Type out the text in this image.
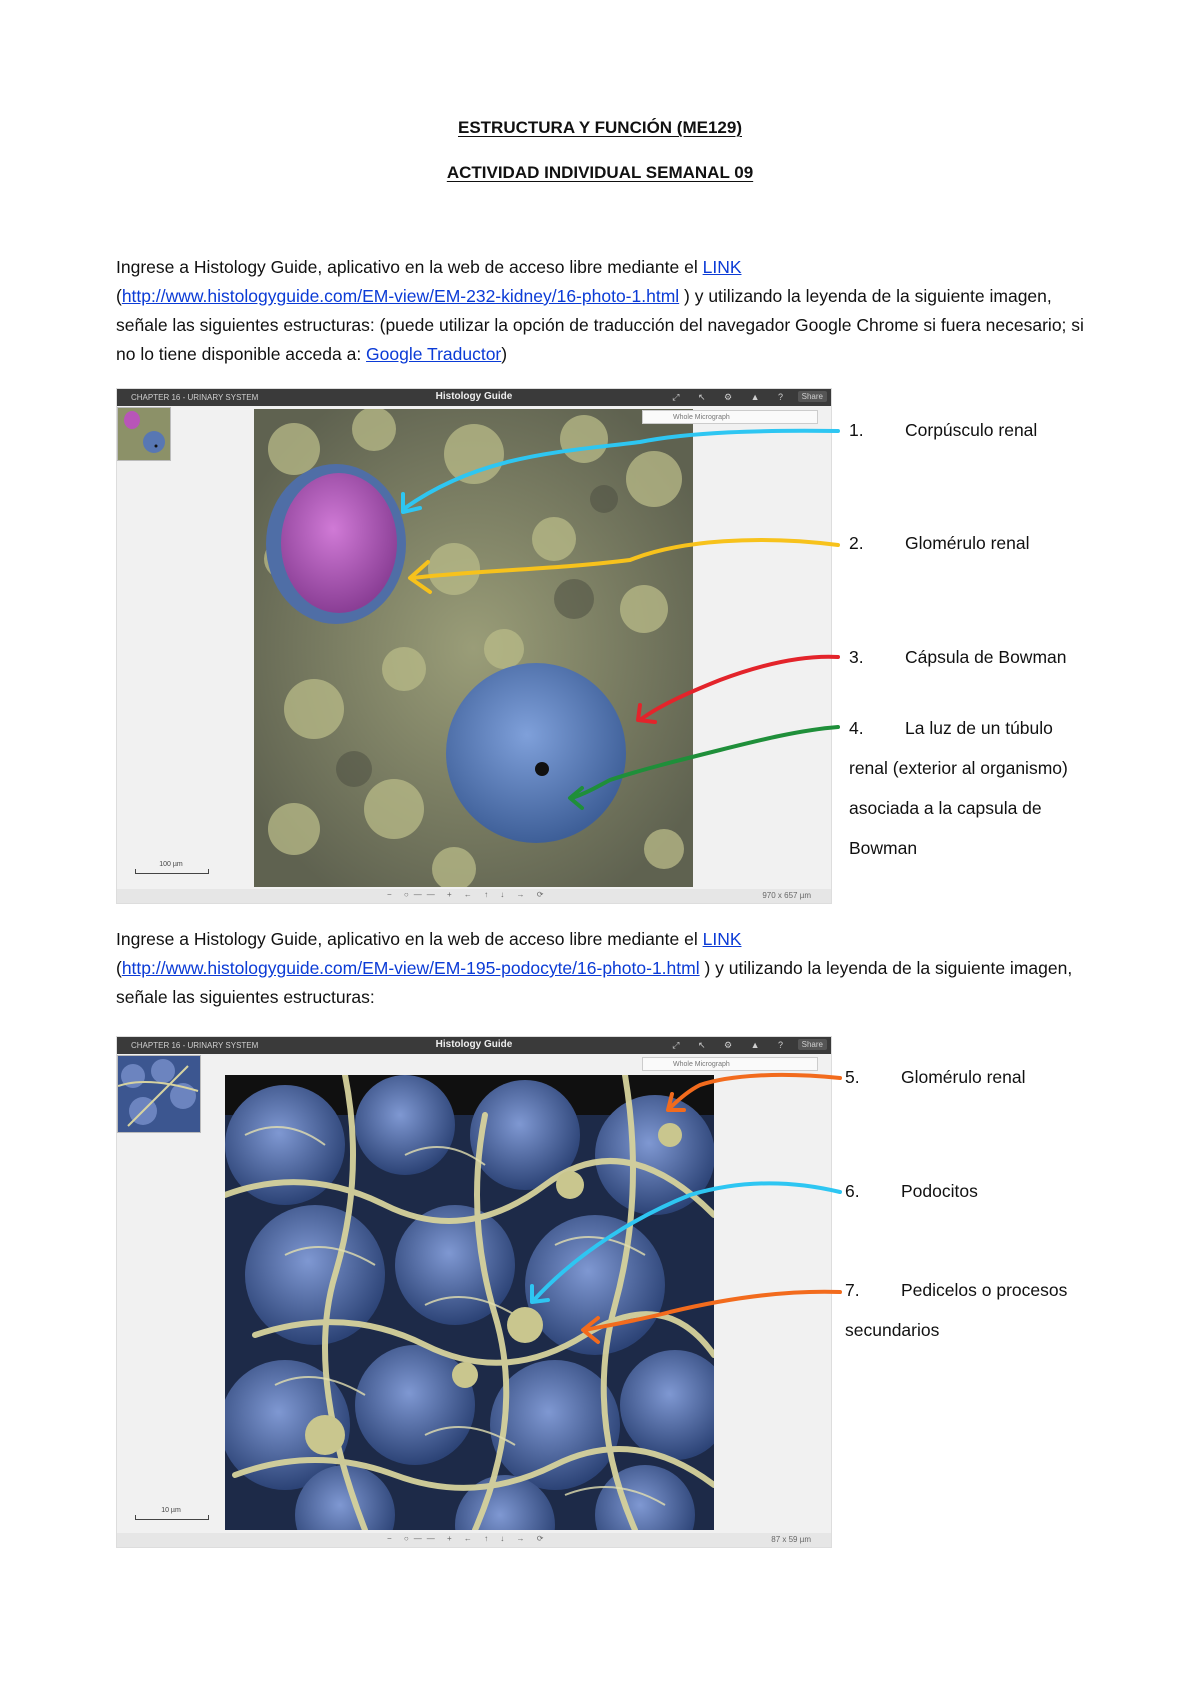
ESTRUCTURA Y FUNCIÓN (ME129)
ACTIVIDAD INDIVIDUAL SEMANAL 09
Ingrese a Histology Guide, aplicativo en la web de acceso libre mediante el LINK
(http://www.histologyguide.com/EM-view/EM-232-kidney/16-photo-1.html ) y utilizando la leyenda de la siguiente imagen, señale las siguientes estructuras: (puede utilizar la opción de traducción del navegador Google Chrome si fuera necesario; si no lo tiene disponible acceda a: Google Traductor)
CHAPTER 16 - URINARY SYSTEM	Histology Guide	⤢ ↖ ⚙ ▲ ?	Share
Whole Micrograph
100 µm
− ○—— + ← ↑ ↓ → ⟳	970 x 657 µm
1. Corpúsculo renal
2. Glomérulo renal
3. Cápsula de Bowman
4. La luz de un túbulo renal (exterior al organismo) asociada a la capsula de Bowman
Ingrese a Histology Guide, aplicativo en la web de acceso libre mediante el LINK
(http://www.histologyguide.com/EM-view/EM-195-podocyte/16-photo-1.html ) y utilizando la leyenda de la siguiente imagen, señale las siguientes estructuras:
CHAPTER 16 - URINARY SYSTEM	Histology Guide	⤢ ↖ ⚙ ▲ ?	Share
Whole Micrograph
10 µm
− ○—— + ← ↑ ↓ → ⟳	87 x 59 µm
5. Glomérulo renal
6. Podocitos
7. Pedicelos o procesos secundarios
